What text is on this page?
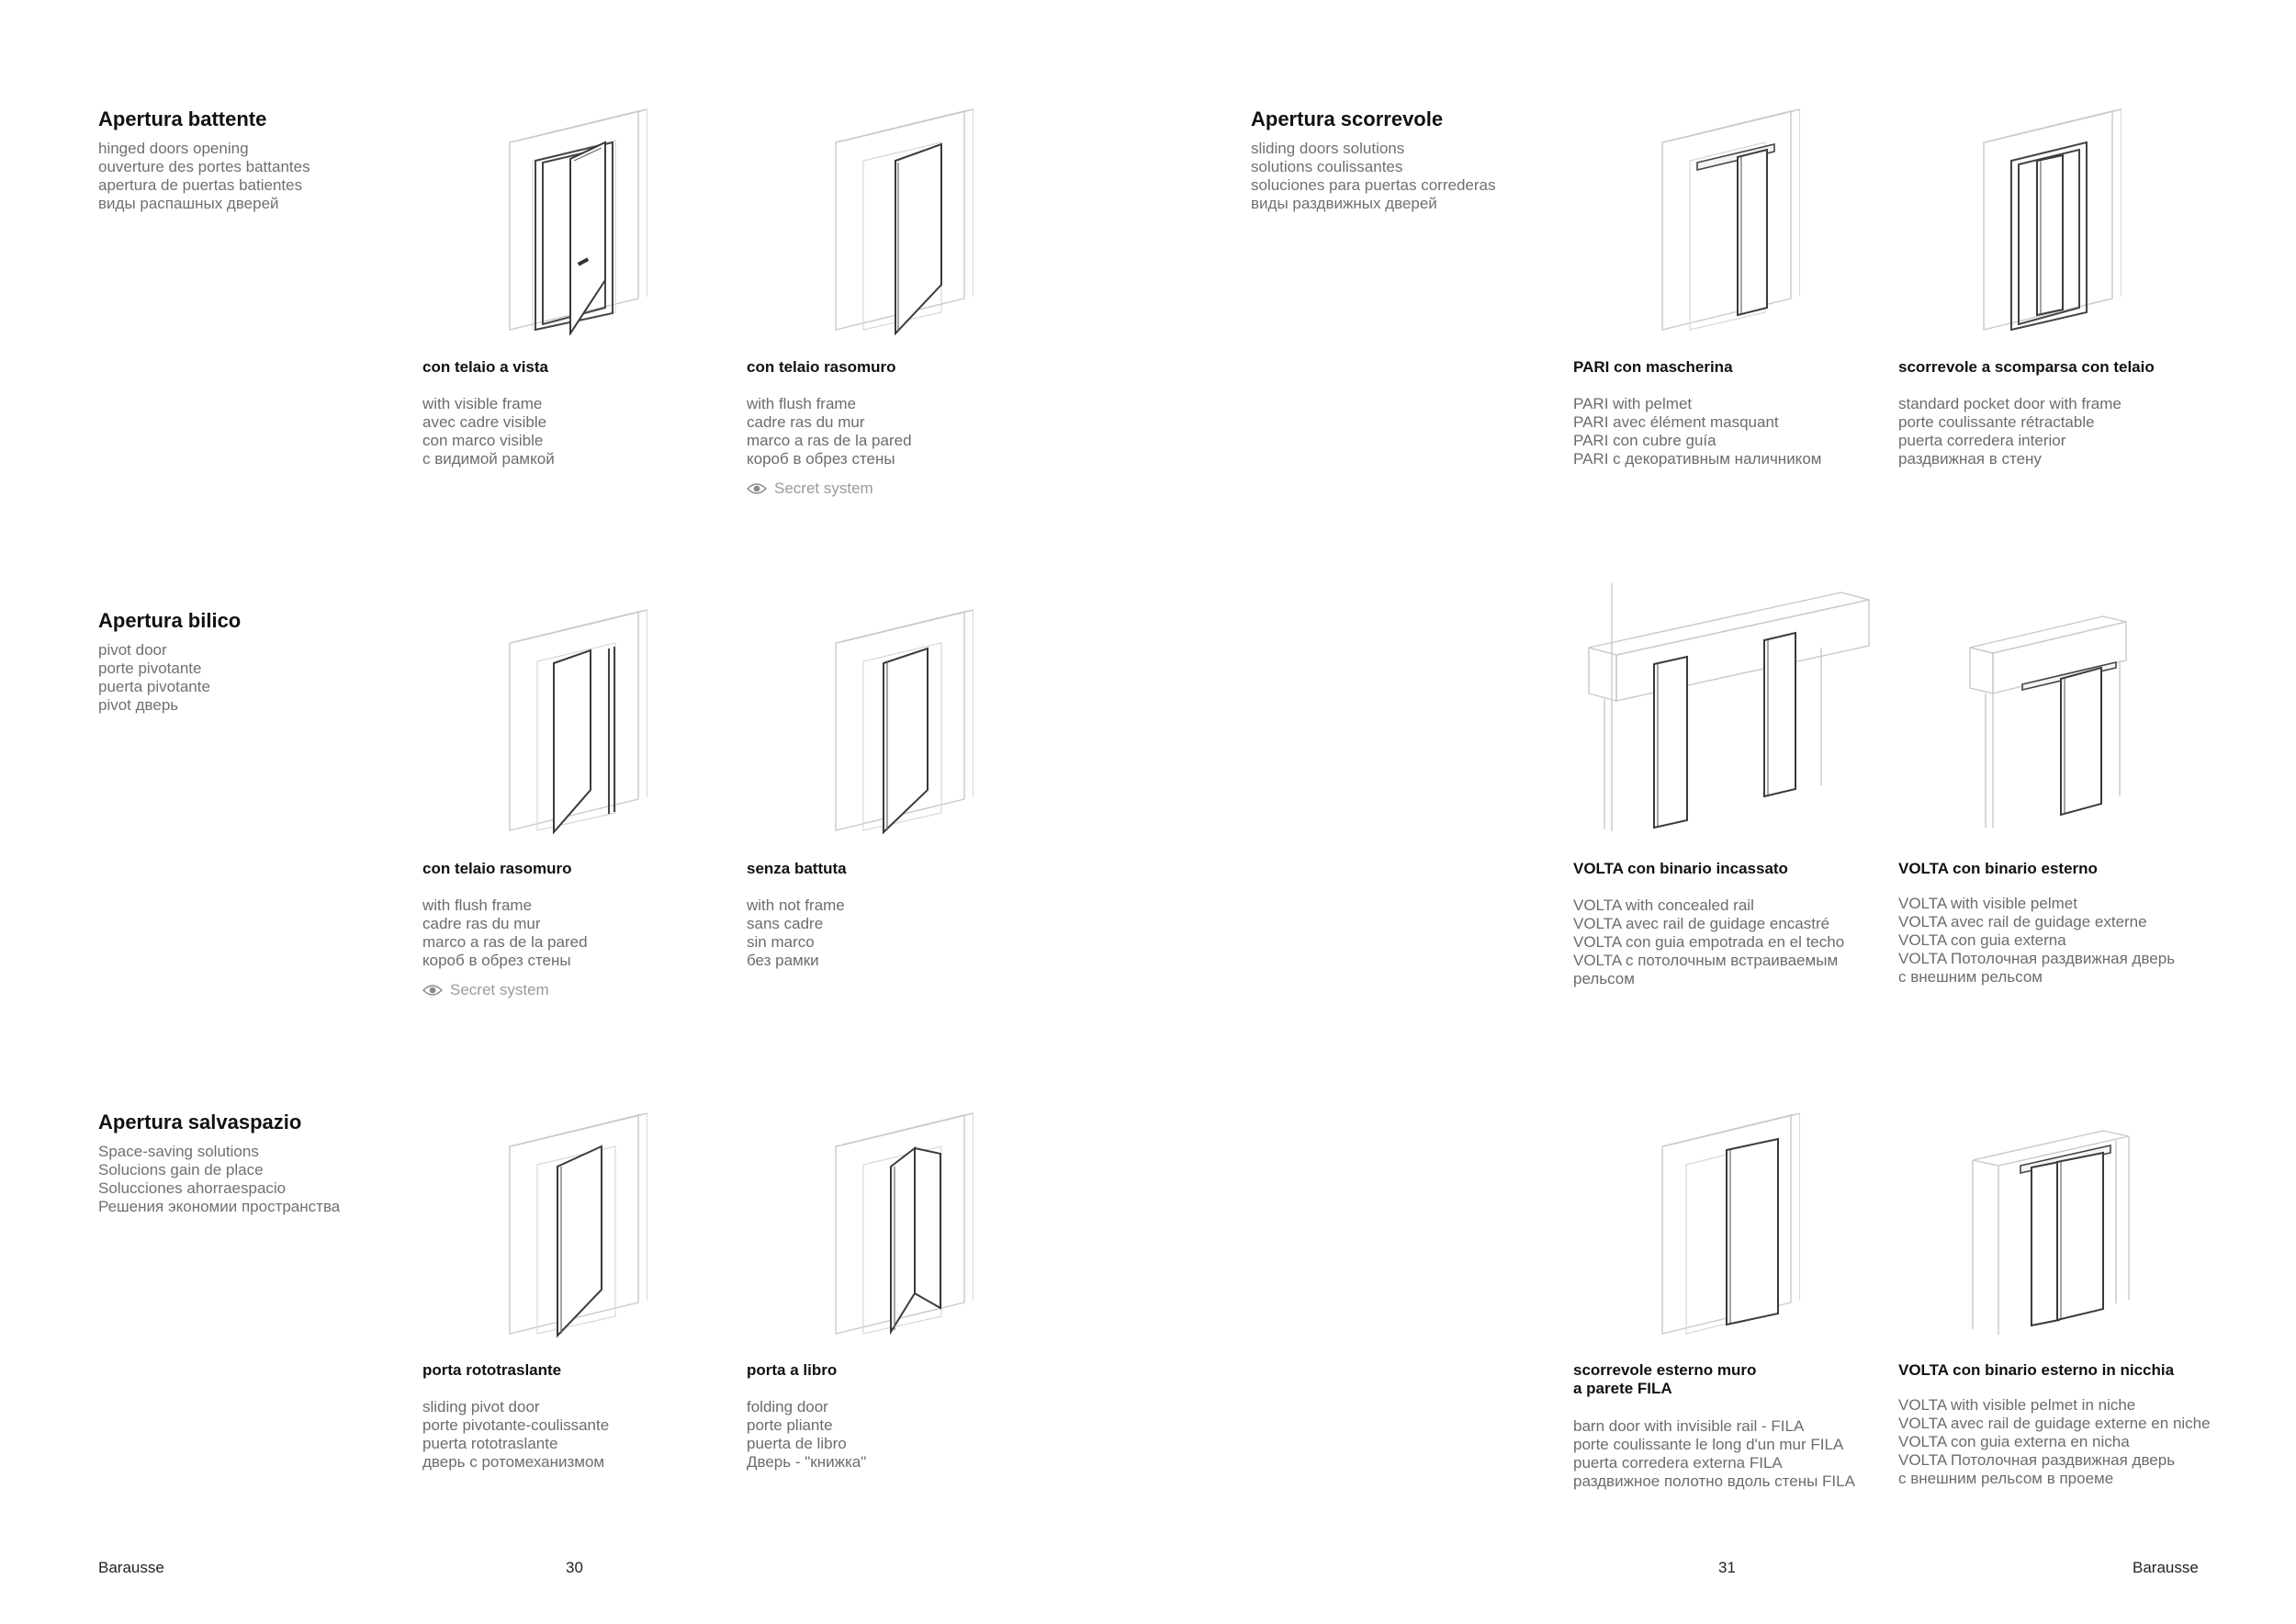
Apertura battente
hinged doors opening
ouverture des portes battantes
apertura de puertas batientes
виды распашных дверей
Apertura scorrevole
sliding doors solutions
solutions coulissantes
soluciones para puertas correderas
виды раздвижных дверей
Apertura bilico
pivot door
porte pivotante
puerta pivotante
pivot дверь
Apertura salvaspazio
Space-saving solutions
Solucions gain de place
Solucciones ahorraespacio
Решения экономии пространства
con telaio a vista
with visible frame
avec cadre visible
con marco visible
с видимой рамкой
con telaio rasomuro
with flush frame
cadre ras du mur
marco a ras de la pared
короб в обрез стены
Secret system
PARI con mascherina
PARI with pelmet
PARI avec élément masquant
PARI con cubre guía
PARI с декоративным наличником
scorrevole a scomparsa con telaio
standard pocket door with frame
porte coulissante rétractable
puerta corredera interior
раздвижная в стену
con telaio rasomuro
with flush frame
cadre ras du mur
marco a ras de la pared
короб в обрез стены
Secret system
senza battuta
with not frame
sans cadre
sin marco
без рамки
VOLTA con binario incassato
VOLTA with concealed rail
VOLTA avec rail de guidage encastré
VOLTA con guia empotrada en el techo
VOLTA с потолочным встраиваемым
рельсом
VOLTA con binario esterno
VOLTA with visible pelmet
VOLTA avec rail de guidage externe
VOLTA con guia externa
VOLTA Потолочная раздвижная дверь
с внешним рельсом
porta rototraslante
sliding pivot door
porte pivotante-coulissante
puerta rototraslante
дверь с ротомеханизмом
porta a libro
folding door
porte pliante
puerta de libro
Дверь - "книжка"
scorrevole esterno muro
a parete FILA
barn door with invisible rail - FILA
porte coulissante le long d'un mur FILA
puerta corredera externa FILA
раздвижное полотно вдоль стены FILA
VOLTA con binario esterno in nicchia
VOLTA with visible pelmet in niche
VOLTA avec rail de guidage externe en niche
VOLTA con guia externa en nicha
VOLTA Потолочная раздвижная дверь
с внешним рельсом в проеме
Barausse	30	31	Barausse
